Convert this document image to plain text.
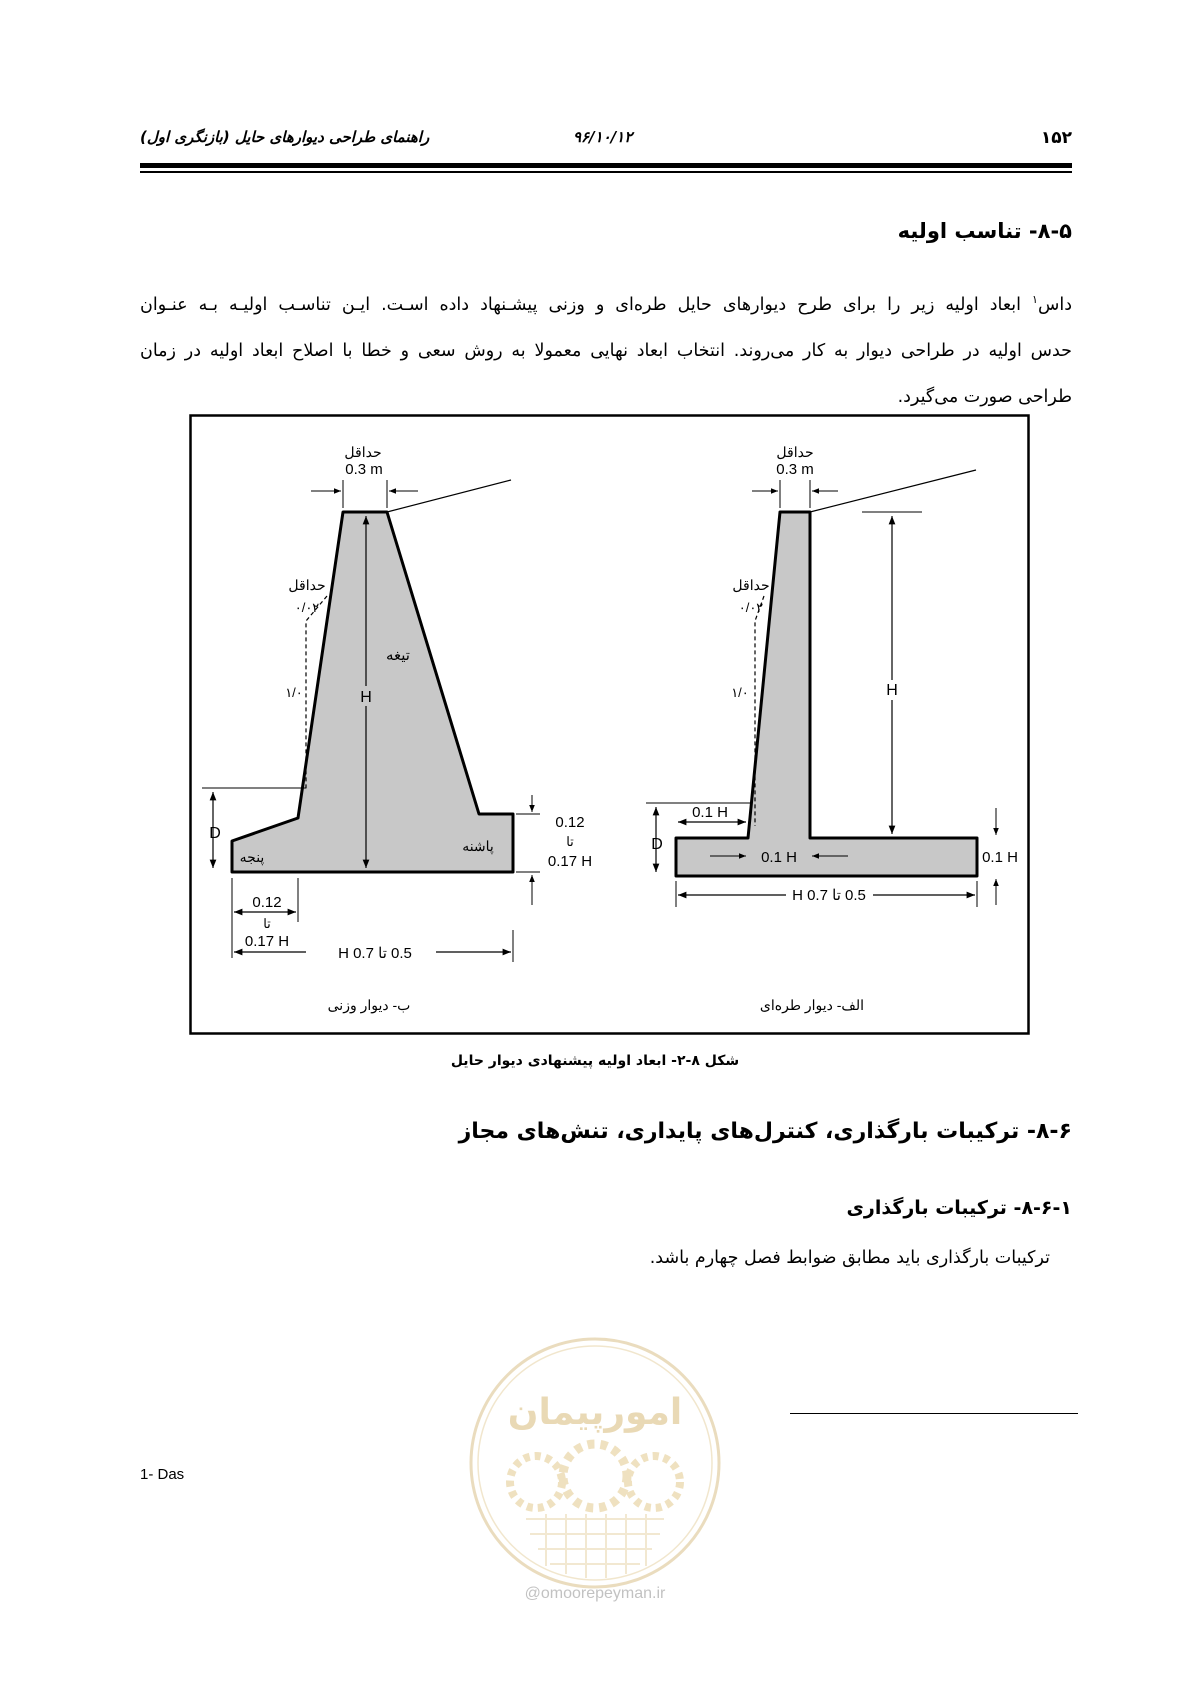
۱۵۲
۹۶/۱۰/۱۲
راهنمای طراحی دیوارهای حایل (بازنگری اول)
۸-۵- تناسب اولیه
داس$^۱$ ابعاد اولیه زیر را برای طرح دیوارهای حایل طره‌ای و وزنی پیشـنهاد داده اسـت. ایـن تناسـب اولیـه بـه عنـوان
حدس اولیه در طراحی دیوار به کار می‌روند. انتخاب ابعاد نهایی معمولا به روش سعی و خطا با اصلاح ابعاد اولیه در زمان
طراحی صورت می‌گیرد.
حداقل
0.3 m
حداقل
۰/۰۲
۱/۰	H
تیغه
D
پنجه
پاشنه
0.12
تا
0.17 H
0.12
تا
0.17 H
0.5 تا 0.7 H
ب- دیوار وزنی
حداقل
0.3 m
حداقل
۰/۰۲
۱/۰	H
D
0.1 H
0.1 H	0.1 H
0.5 تا 0.7 H
الف- دیوار طره‌ای
شکل ۸-۲- ابعاد اولیه پیشنهادی دیوار حایل
۸-۶- ترکیبات بارگذاری، کنترل‌های پایداری، تنش‌های مجاز
۸-۶-۱- ترکیبات بارگذاری
ترکیبات بارگذاری باید مطابق ضوابط فصل چهارم باشد.
1- Das
امورپیمان
@omoorepeyman.ir
